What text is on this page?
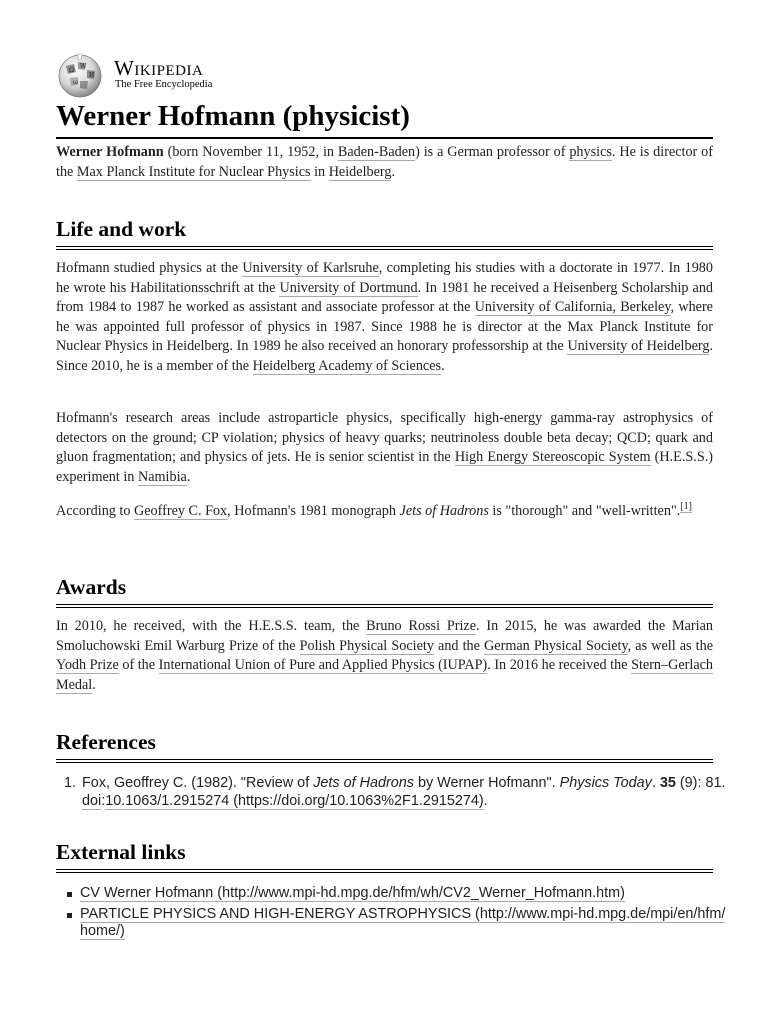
Ω
W
И
ω
Wikipedia
The Free Encyclopedia
Werner Hofmann (physicist)

Werner Hofmann (born November 11, 1952, in Baden-Baden) is a German professor of physics. He is director of the Max Planck Institute for Nuclear Physics in Heidelberg.

Life and work

Hofmann studied physics at the University of Karlsruhe, completing his studies with a doctorate in 1977. In 1980 he wrote his Habilitationsschrift at the University of Dortmund. In 1981 he received a Heisenberg Scholarship and from 1984 to 1987 he worked as assistant and associate professor at the University of California, Berkeley, where he was appointed full professor of physics in 1987. Since 1988 he is director at the Max Planck Institute for Nuclear Physics in Heidelberg. In 1989 he also received an honorary professorship at the University of Heidelberg. Since 2010, he is a member of the Heidelberg Academy of Sciences.

Hofmann's research areas include astroparticle physics, specifically high-energy gamma-ray astrophysics of detectors on the ground; CP violation; physics of heavy quarks; neutrinoless double beta decay; QCD; quark and gluon fragmentation; and physics of jets. He is senior scientist in the High Energy Stereoscopic System (H.E.S.S.) experiment in Namibia.

According to Geoffrey C. Fox, Hofmann's 1981 monograph Jets of Hadrons is "thorough" and "well-written".[1]

Awards

In 2010, he received, with the H.E.S.S. team, the Bruno Rossi Prize. In 2015, he was awarded the Marian Smoluchowski Emil Warburg Prize of the Polish Physical Society and the German Physical Society, as well as the Yodh Prize of the International Union of Pure and Applied Physics (IUPAP). In 2016 he received the Stern–Gerlach Medal.

References
1. Fox, Geoffrey C. (1982). "Review of Jets of Hadrons by Werner Hofmann". Physics Today. 35 (9): 81. doi:10.1063/1.2915274 (https://doi.org/10.1063%2F1.2915274).
External links
CV Werner Hofmann (http://www.mpi-hd.mpg.de/hfm/wh/CV2_Werner_Hofmann.htm)
PARTICLE PHYSICS AND HIGH-ENERGY ASTROPHYSICS (http://www.mpi-hd.mpg.de/mpi/en/hfm/home/)
